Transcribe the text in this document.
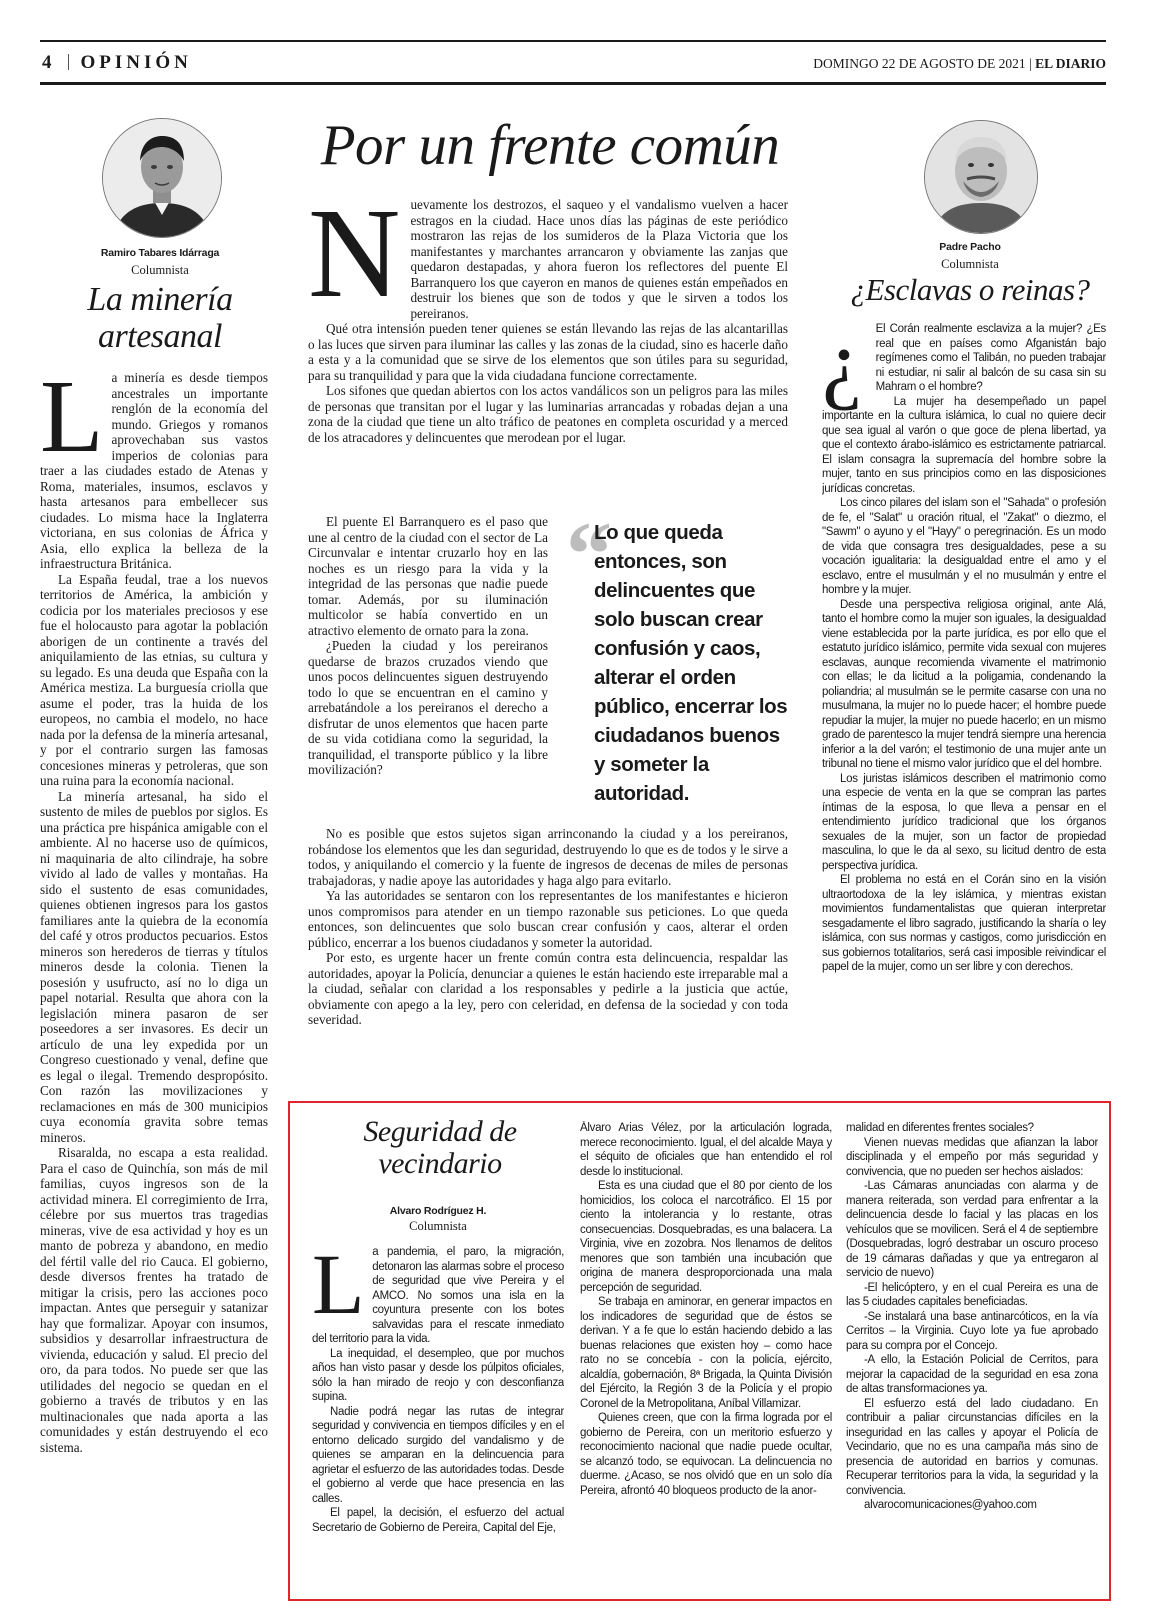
4 OPINIÓN	DOMINGO 22 DE AGOSTO DE 2021 | EL DIARIO
Ramiro Tabares Idárraga
Columnista
La minería artesanal
L a minería es desde tiempos ancestrales un importante renglón de la economía del mundo. Griegos y romanos aprovechaban sus vastos imperios de colonias para traer a las ciudades estado de Atenas y Roma, materiales, insumos, esclavos y hasta artesanos para embellecer sus ciudades. Lo misma hace la Inglaterra victoriana, en sus colonias de África y Asia, ello explica la belleza de la infraestructura Británica.

La España feudal, trae a los nuevos territorios de América, la ambición y codicia por los materiales preciosos y ese fue el holocausto para agotar la población aborigen de un continente a través del aniquilamiento de las etnias, su cultura y su legado. Es una deuda que España con la América mestiza. La burguesía criolla que asume el poder, tras la huida de los europeos, no cambia el modelo, no hace nada por la defensa de la minería artesanal, y por el contrario surgen las famosas concesiones mineras y petroleras, que son una ruina para la economía nacional.

La minería artesanal, ha sido el sustento de miles de pueblos por siglos. Es una práctica pre hispánica amigable con el ambiente. Al no hacerse uso de químicos, ni maquinaria de alto cilindraje, ha sobre vivido al lado de valles y montañas. Ha sido el sustento de esas comunidades, quienes obtienen ingresos para los gastos familiares ante la quiebra de la economía del café y otros productos pecuarios. Estos mineros son herederos de tierras y títulos mineros desde la colonia. Tienen la posesión y usufructo, así no lo diga un papel notarial. Resulta que ahora con la legislación minera pasaron de ser poseedores a ser invasores. Es decir un artículo de una ley expedida por un Congreso cuestionado y venal, define que es legal o ilegal. Tremendo despropósito. Con razón las movilizaciones y reclamaciones en más de 300 municipios cuya economía gravita sobre temas mineros.

Risaralda, no escapa a esta realidad. Para el caso de Quinchía, son más de mil familias, cuyos ingresos son de la actividad minera. El corregimiento de Irra, célebre por sus muertos tras tragedias mineras, vive de esa actividad y hoy es un manto de pobreza y abandono, en medio del fértil valle del rio Cauca. El gobierno, desde diversos frentes ha tratado de mitigar la crisis, pero las acciones poco impactan. Antes que perseguir y satanizar hay que formalizar. Apoyar con insumos, subsidios y desarrollar infraestructura de vivienda, educación y salud. El precio del oro, da para todos. No puede ser que las utilidades del negocio se quedan en el gobierno a través de tributos y en las multinacionales que nada aporta a las comunidades y están destruyendo el eco sistema.

Por un frente común
N uevamente los destrozos, el saqueo y el vandalismo vuelven a hacer estragos en la ciudad. Hace unos días las páginas de este periódico mostraron las rejas de los sumideros de la Plaza Victoria que los manifestantes y marchantes arrancaron y obviamente las zanjas que quedaron destapadas, y ahora fueron los reflectores del puente El Barranquero los que cayeron en manos de quienes están empeñados en destruir los bienes que son de todos y que le sirven a todos los pereiranos.

Qué otra intensión pueden tener quienes se están llevando las rejas de las alcantarillas o las luces que sirven para iluminar las calles y las zonas de la ciudad, sino es hacerle daño a esta y a la comunidad que se sirve de los elementos que son útiles para su seguridad, para su tranquilidad y para que la vida ciudadana funcione correctamente.

Los sifones que quedan abiertos con los actos vandálicos son un peligros para las miles de personas que transitan por el lugar y las luminarias arrancadas y robadas dejan a una zona de la ciudad que tiene un alto tráfico de peatones en completa oscuridad y a merced de los atracadores y delincuentes que merodean por el lugar.

El puente El Barranquero es el paso que une al centro de la ciudad con el sector de La Circunvalar e intentar cruzarlo hoy en las noches es un riesgo para la vida y la integridad de las personas que nadie puede tomar. Además, por su iluminación multicolor se había convertido en un atractivo elemento de ornato para la zona.

¿Pueden la ciudad y los pereiranos quedarse de brazos cruzados viendo que unos pocos delincuentes siguen destruyendo todo lo que se encuentran en el camino y arrebatándole a los pereiranos el derecho a disfrutar de unos elementos que hacen parte de su vida cotidiana como la seguridad, la tranquilidad, el transporte público y la libre movilización?

“
Lo que queda entonces, son delincuentes que solo buscan crear confusión y caos, alterar el orden público, encerrar los ciudadanos buenos y someter la autoridad.

No es posible que estos sujetos sigan arrinconando la ciudad y a los pereiranos, robándose los elementos que les dan seguridad, destruyendo lo que es de todos y le sirve a todos, y aniquilando el comercio y la fuente de ingresos de decenas de miles de personas trabajadoras, y nadie apoye las autoridades y haga algo para evitarlo.

Ya las autoridades se sentaron con los representantes de los manifestantes e hicieron unos compromisos para atender en un tiempo razonable sus peticiones. Lo que queda entonces, son delincuentes que solo buscan crear confusión y caos, alterar el orden público, encerrar a los buenos ciudadanos y someter la autoridad.

Por esto, es urgente hacer un frente común contra esta delincuencia, respaldar las autoridades, apoyar la Policía, denunciar a quienes le están haciendo este irreparable mal a la ciudad, señalar con claridad a los responsables y pedirle a la justicia que actúe, obviamente con apego a la ley, pero con celeridad, en defensa de la sociedad y con toda severidad.

Padre Pacho
Columnista
¿Esclavas o reinas?
¿	El Corán realmente esclaviza a la mujer? ¿Es real que en países como Afganistán bajo regímenes como el Talibán, no pueden trabajar ni estudiar, ni salir al balcón de su casa sin su Mahram o el hombre?

La mujer ha desempeñado un papel importante en la cultura islámica, lo cual no quiere decir que sea igual al varón o que goce de plena libertad, ya que el contexto árabo-islámico es estrictamente patriarcal. El islam consagra la supremacía del hombre sobre la mujer, tanto en sus principios como en las disposiciones jurídicas concretas.

Los cinco pilares del islam son el "Sahada" o profesión de fe, el "Salat" u oración ritual, el "Zakat" o diezmo, el "Sawm" o ayuno y el "Hayy" o peregrinación. Es un modo de vida que consagra tres desigualdades, pese a su vocación igualitaria: la desigualdad entre el amo y el esclavo, entre el musulmán y el no musulmán y entre el hombre y la mujer.

Desde una perspectiva religiosa original, ante Alá, tanto el hombre como la mujer son iguales, la desigualdad viene establecida por la parte jurídica, es por ello que el estatuto jurídico islámico, permite vida sexual con mujeres esclavas, aunque recomienda vivamente el matrimonio con ellas; le da licitud a la poligamia, condenando la poliandria; al musulmán se le permite casarse con una no musulmana, la mujer no lo puede hacer; el hombre puede repudiar la mujer, la mujer no puede hacerlo; en un mismo grado de parentesco la mujer tendrá siempre una herencia inferior a la del varón; el testimonio de una mujer ante un tribunal no tiene el mismo valor jurídico que el del hombre.

Los juristas islámicos describen el matrimonio como una especie de venta en la que se compran las partes íntimas de la esposa, lo que lleva a pensar en el entendimiento jurídico tradicional que los órganos sexuales de la mujer, son un factor de propiedad masculina, lo que le da al sexo, su licitud dentro de esta perspectiva jurídica.

El problema no está en el Corán sino en la visión ultraortodoxa de la ley islámica, y mientras existan movimientos fundamentalistas que quieran interpretar sesgadamente el libro sagrado, justificando la sharía o ley islámica, con sus normas y castigos, como jurisdicción en sus gobiernos totalitarios, será casi imposible reivindicar el papel de la mujer, como un ser libre y con derechos.

Seguridad de vecindario
Alvaro Rodríguez H.
Columnista
L a pandemia, el paro, la migración, detonaron las alarmas sobre el proceso de seguridad que vive Pereira y el AMCO. No somos una isla en la coyuntura presente con los botes salvavidas para el rescate inmediato del territorio para la vida.

La inequidad, el desempleo, que por muchos años han visto pasar y desde los púlpitos oficiales, sólo la han mirado de reojo y con desconfianza supina.

Nadie podrá negar las rutas de integrar seguridad y convivencia en tiempos difíciles y en el entorno delicado surgido del vandalismo y de quienes se amparan en la delincuencia para agrietar el esfuerzo de las autoridades todas. Desde el gobierno al verde que hace presencia en las calles.

El papel, la decisión, el esfuerzo del actual Secretario de Gobierno de Pereira, Capital del Eje,

Álvaro Arias Vélez, por la articulación lograda, merece reconocimiento. Igual, el del alcalde Maya y el séquito de oficiales que han entendido el rol desde lo institucional.

Esta es una ciudad que el 80 por ciento de los homicidios, los coloca el narcotráfico. El 15 por ciento la intolerancia y lo restante, otras consecuencias. Dosquebradas, es una balacera. La Virginia, vive en zozobra. Nos llenamos de delitos menores que son también una incubación que origina de manera desproporcionada una mala percepción de seguridad.

Se trabaja en aminorar, en generar impactos en los indicadores de seguridad que de éstos se derivan. Y a fe que lo están haciendo debido a las buenas relaciones que existen hoy – como hace rato no se concebía - con la policía, ejército, alcaldía, gobernación, 8ª Brigada, la Quinta División del Ejército, la Región 3 de la Policía y el propio Coronel de la Metropolitana, Aníbal Villamizar.

Quienes creen, que con la firma lograda por el gobierno de Pereira, con un meritorio esfuerzo y reconocimiento nacional que nadie puede ocultar, se alcanzó todo, se equivocan. La delincuencia no duerme. ¿Acaso, se nos olvidó que en un solo día Pereira, afrontó 40 bloqueos producto de la anor-

malidad en diferentes frentes sociales?

Vienen nuevas medidas que afianzan la labor disciplinada y el empeño por más seguridad y convivencia, que no pueden ser hechos aislados:

-Las Cámaras anunciadas con alarma y de manera reiterada, son verdad para enfrentar a la delincuencia desde lo facial y las placas en los vehículos que se movilicen. Será el 4 de septiembre (Dosquebradas, logró destrabar un oscuro proceso de 19 cámaras dañadas y que ya entregaron al servicio de nuevo)

-El helicóptero, y en el cual Pereira es una de las 5 ciudades capitales beneficiadas.

-Se instalará una base antinarcóticos, en la vía Cerritos – la Virginia. Cuyo lote ya fue aprobado para su compra por el Concejo.

-A ello, la Estación Policial de Cerritos, para mejorar la capacidad de la seguridad en esa zona de altas transformaciones ya.

El esfuerzo está del lado ciudadano. En contribuir a paliar circunstancias difíciles en la inseguridad en las calles y apoyar el Policía de Vecindario, que no es una campaña más sino de presencia de autoridad en barrios y comunas. Recuperar territorios para la vida, la seguridad y la convivencia.

alvarocomunicaciones@yahoo.com
